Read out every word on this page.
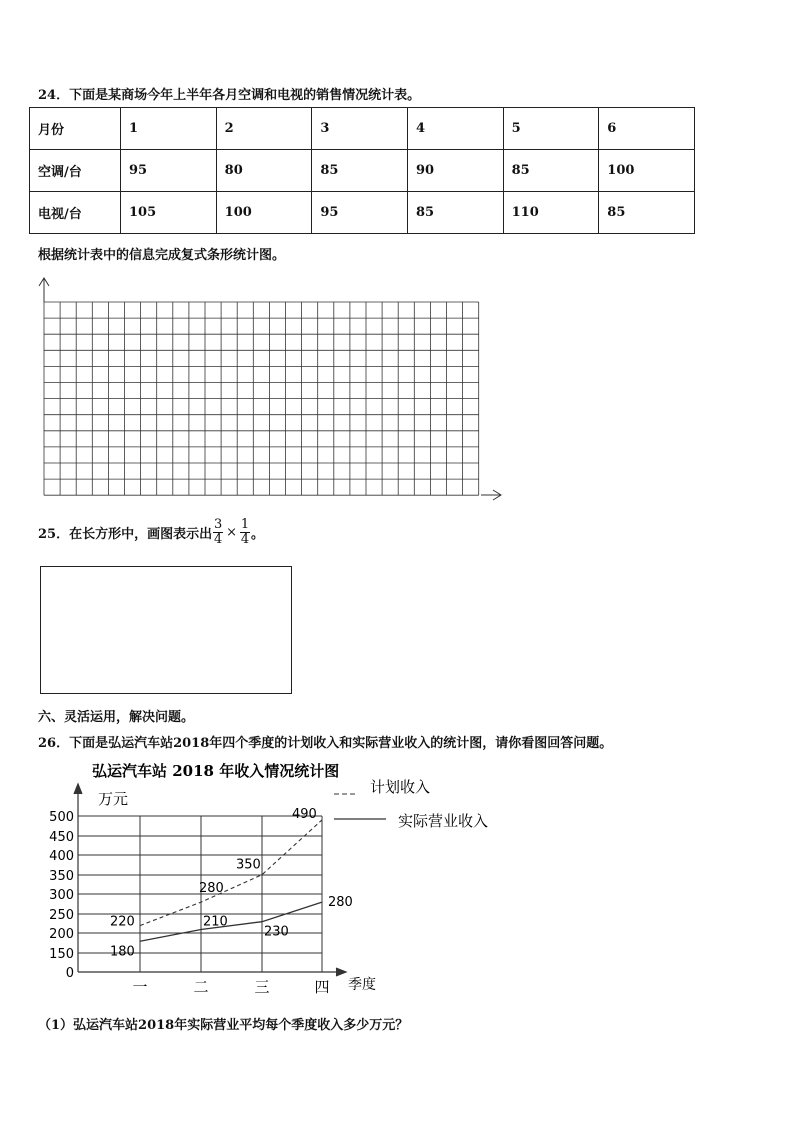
24．下面是某商场今年上半年各月空调和电视的销售情况统计表。
月份	1	2	3	4	5	6
空调/台	95	80	85	90	85	100
电视/台	105	100	95	85	110	85
根据统计表中的信息完成复式条形统计图。
25．在长方形中，画图表示出 $\frac{3}{4} \times \frac{1}{4}$ 。
六、灵活运用，解决问题。
26．下面是弘运汽车站2018年四个季度的计划收入和实际营业收入的统计图，请你看图回答问题。
弘运汽车站 2018 年收入情况统计图
万元
季度
计划收入
实际营业收入
0
150
200
250
300
350
400
450
500
一	二	三	四
220
280
350
490
180
210
230
280
（1）弘运汽车站2018年实际营业平均每个季度收入多少万元？
